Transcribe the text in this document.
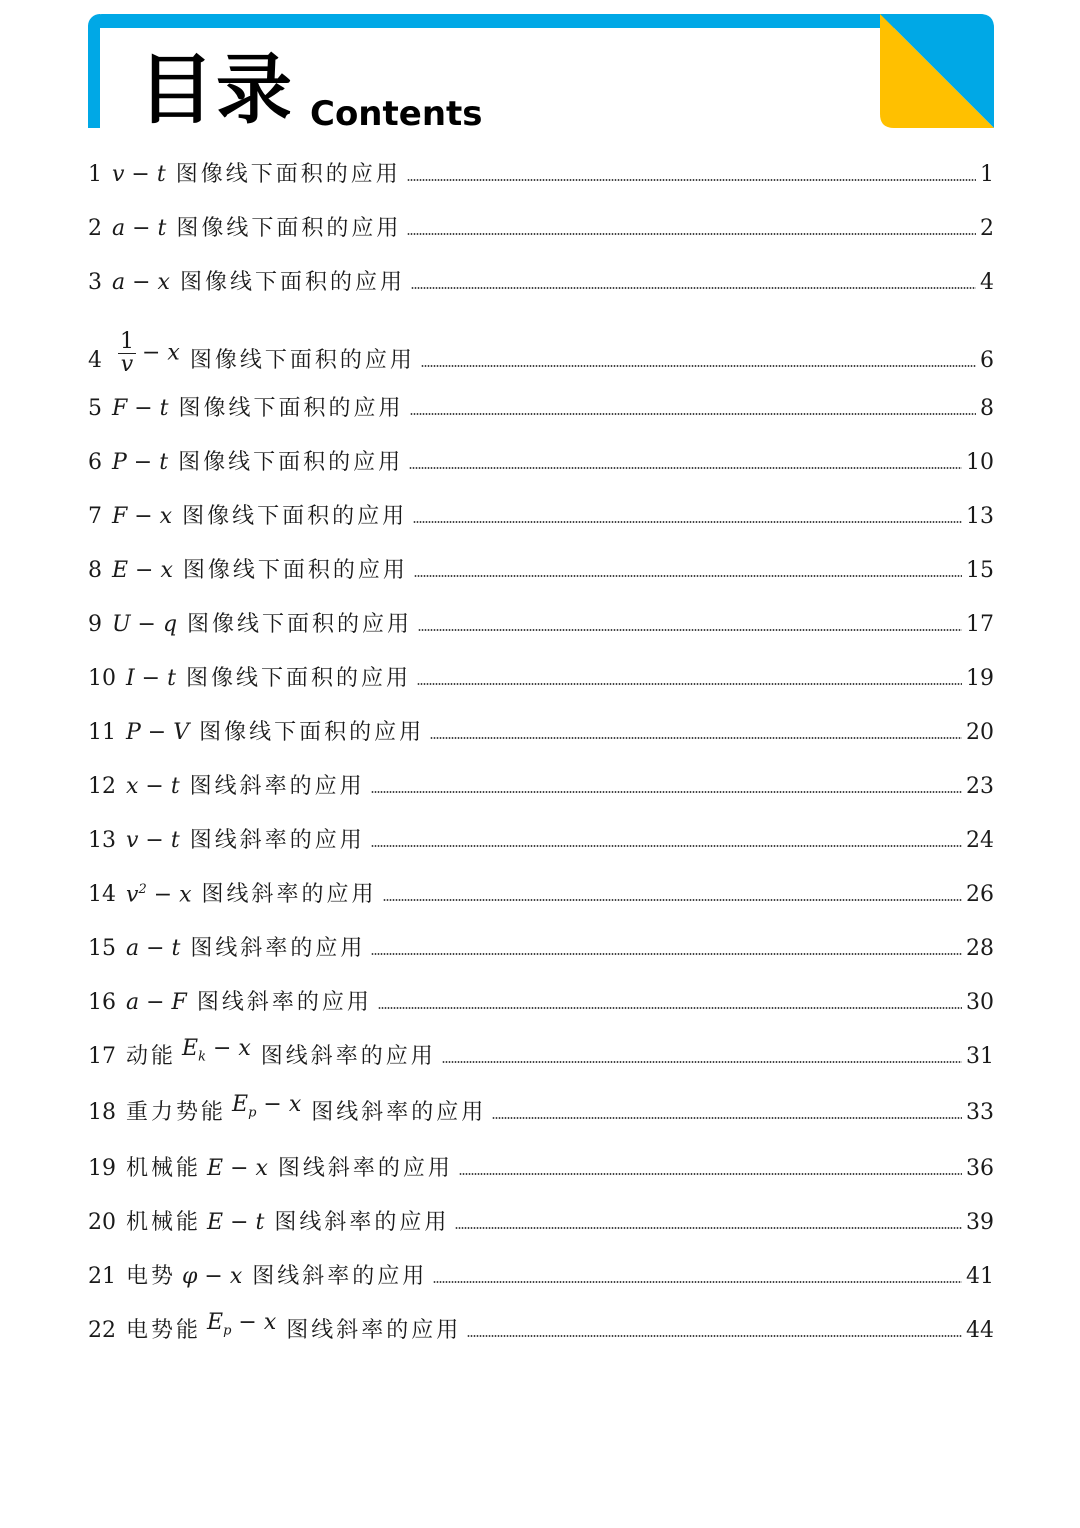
目录 Contents
1 v − t 图像线下面积的应用	1
2 a − t 图像线下面积的应用	2
3 a − x 图像线下面积的应用	4
$4 \frac{1}{v} - x$ 图像线下面积的应用	6
5 F − t 图像线下面积的应用	8
6 P − t 图像线下面积的应用	10
7 F − x 图像线下面积的应用	13
8 E − x 图像线下面积的应用	15
9 U − q 图像线下面积的应用	17
10 I − t 图像线下面积的应用	19
11 P − V 图像线下面积的应用	20
12 x − t 图线斜率的应用	23
13 v − t 图线斜率的应用	24
14 $v^2 - x$ 图线斜率的应用	26
15 a − t 图线斜率的应用	28
16 a − F 图线斜率的应用	30
17 动能 $E_k - x$ 图线斜率的应用	31
18 重力势能 $E_p - x$ 图线斜率的应用	33
19 机械能 E − x 图线斜率的应用	36
20 机械能 E − t 图线斜率的应用	39
21 电势 φ − x 图线斜率的应用	41
22 电势能 $E_p - x$ 图线斜率的应用	44
